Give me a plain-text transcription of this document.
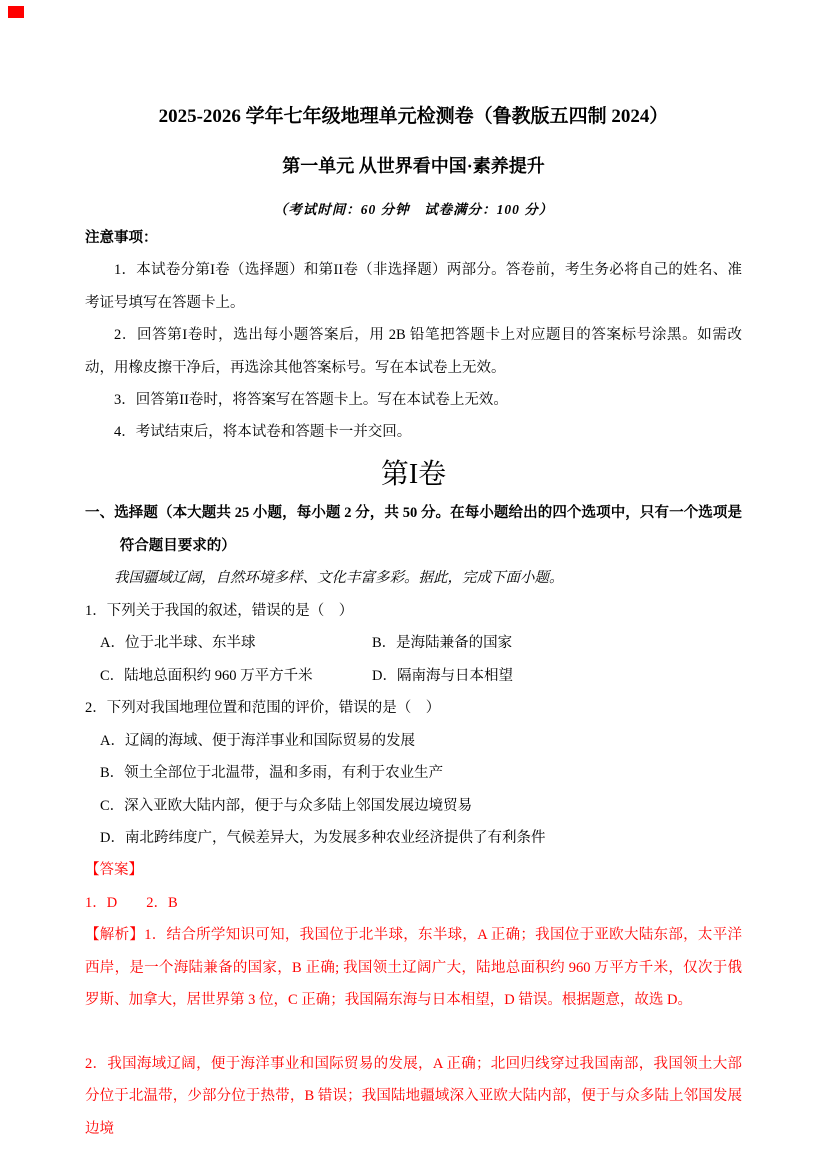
2025-2026 学年七年级地理单元检测卷（鲁教版五四制 2024）

第一单元 从世界看中国·素养提升

（考试时间：60 分钟　试卷满分：100 分）

注意事项：

1．本试卷分第I卷（选择题）和第II卷（非选择题）两部分。答卷前，考生务必将自己的姓名、准考证号填写在答题卡上。

2．回答第I卷时，选出每小题答案后，用 2B 铅笔把答题卡上对应题目的答案标号涂黑。如需改动，用橡皮擦干净后，再选涂其他答案标号。写在本试卷上无效。

3．回答第II卷时，将答案写在答题卡上。写在本试卷上无效。

4．考试结束后，将本试卷和答题卡一并交回。

第I卷

一、选择题（本大题共 25 小题，每小题 2 分，共 50 分。在每小题给出的四个选项中，只有一个选项是符合题目要求的）

我国疆域辽阔，自然环境多样、文化丰富多彩。据此，完成下面小题。

1．下列关于我国的叙述，错误的是（　）

A．位于北半球、东半球	B．是海陆兼备的国家
C．陆地总面积约 960 万平方千米	D．隔南海与日本相望

2．下列对我国地理位置和范围的评价，错误的是（　）

A．辽阔的海域、便于海洋事业和国际贸易的发展

B．领土全部位于北温带，温和多雨，有利于农业生产

C．深入亚欧大陆内部，便于与众多陆上邻国发展边境贸易

D．南北跨纬度广，气候差异大，为发展多种农业经济提供了有利条件

【答案】

1．D　　2．B

【解析】1．结合所学知识可知，我国位于北半球，东半球，A 正确；我国位于亚欧大陆东部，太平洋西岸，是一个海陆兼备的国家，B 正确; 我国领土辽阔广大，陆地总面积约 960 万平方千米，仅次于俄罗斯、加拿大，居世界第 3 位，C 正确；我国隔东海与日本相望，D 错误。根据题意，故选 D。

2．我国海域辽阔，便于海洋事业和国际贸易的发展，A 正确；北回归线穿过我国南部，我国领土大部分位于北温带，少部分位于热带，B 错误；我国陆地疆域深入亚欧大陆内部，便于与众多陆上邻国发展边境
